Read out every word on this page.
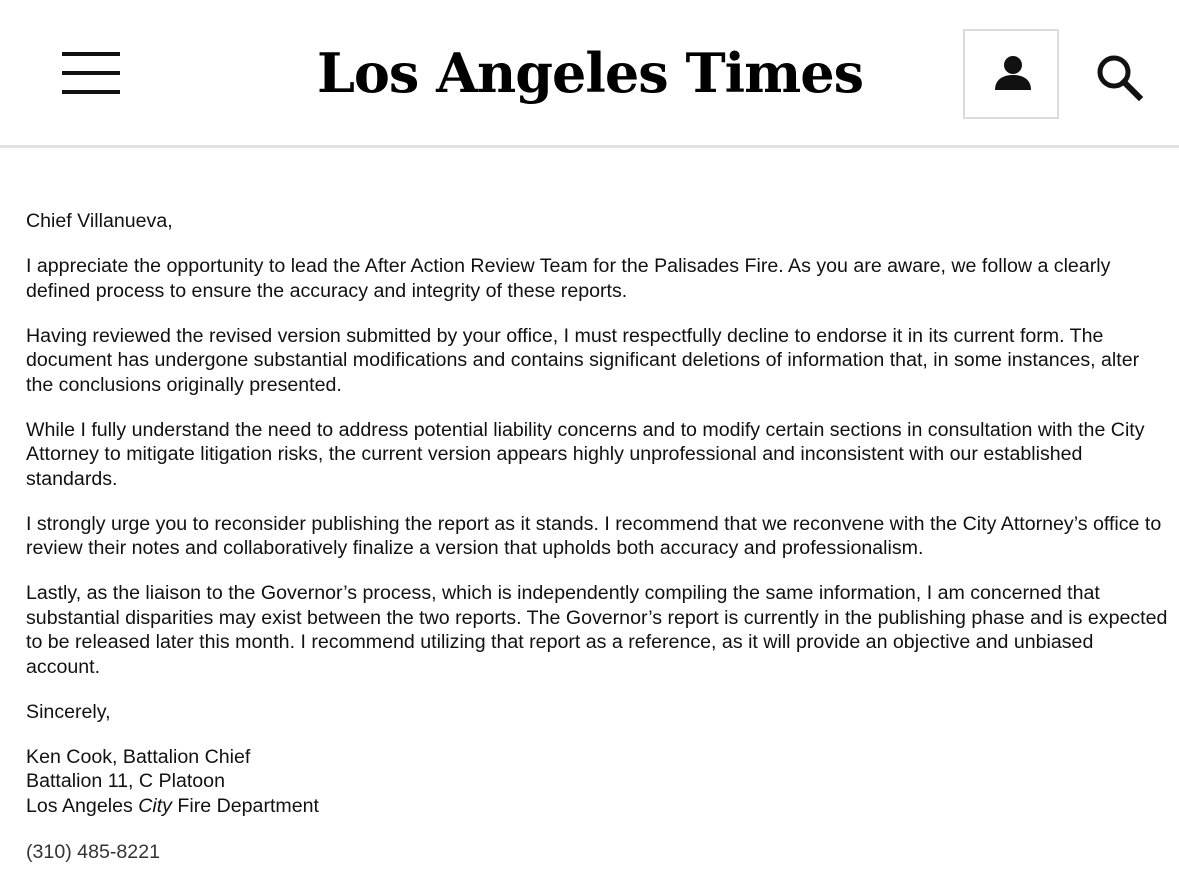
Los Angeles Times

Chief Villanueva,

I appreciate the opportunity to lead the After Action Review Team for the Palisades Fire. As you are aware, we follow a clearly defined process to ensure the accuracy and integrity of these reports.

Having reviewed the revised version submitted by your office, I must respectfully decline to endorse it in its current form. The document has undergone substantial modifications and contains significant deletions of information that, in some instances, alter the conclusions originally presented.

While I fully understand the need to address potential liability concerns and to modify certain sections in consultation with the City Attorney to mitigate litigation risks, the current version appears highly unprofessional and inconsistent with our established standards.

I strongly urge you to reconsider publishing the report as it stands. I recommend that we reconvene with the City Attorney’s office to review their notes and collaboratively finalize a version that upholds both accuracy and professionalism.

Lastly, as the liaison to the Governor’s process, which is independently compiling the same information, I am concerned that substantial disparities may exist between the two reports. The Governor’s report is currently in the publishing phase and is expected to be released later this month. I recommend utilizing that report as a reference, as it will provide an objective and unbiased account.

Sincerely,

Ken Cook, Battalion Chief

Battalion 11, C Platoon

Los Angeles City Fire Department

(310) 485-8221
